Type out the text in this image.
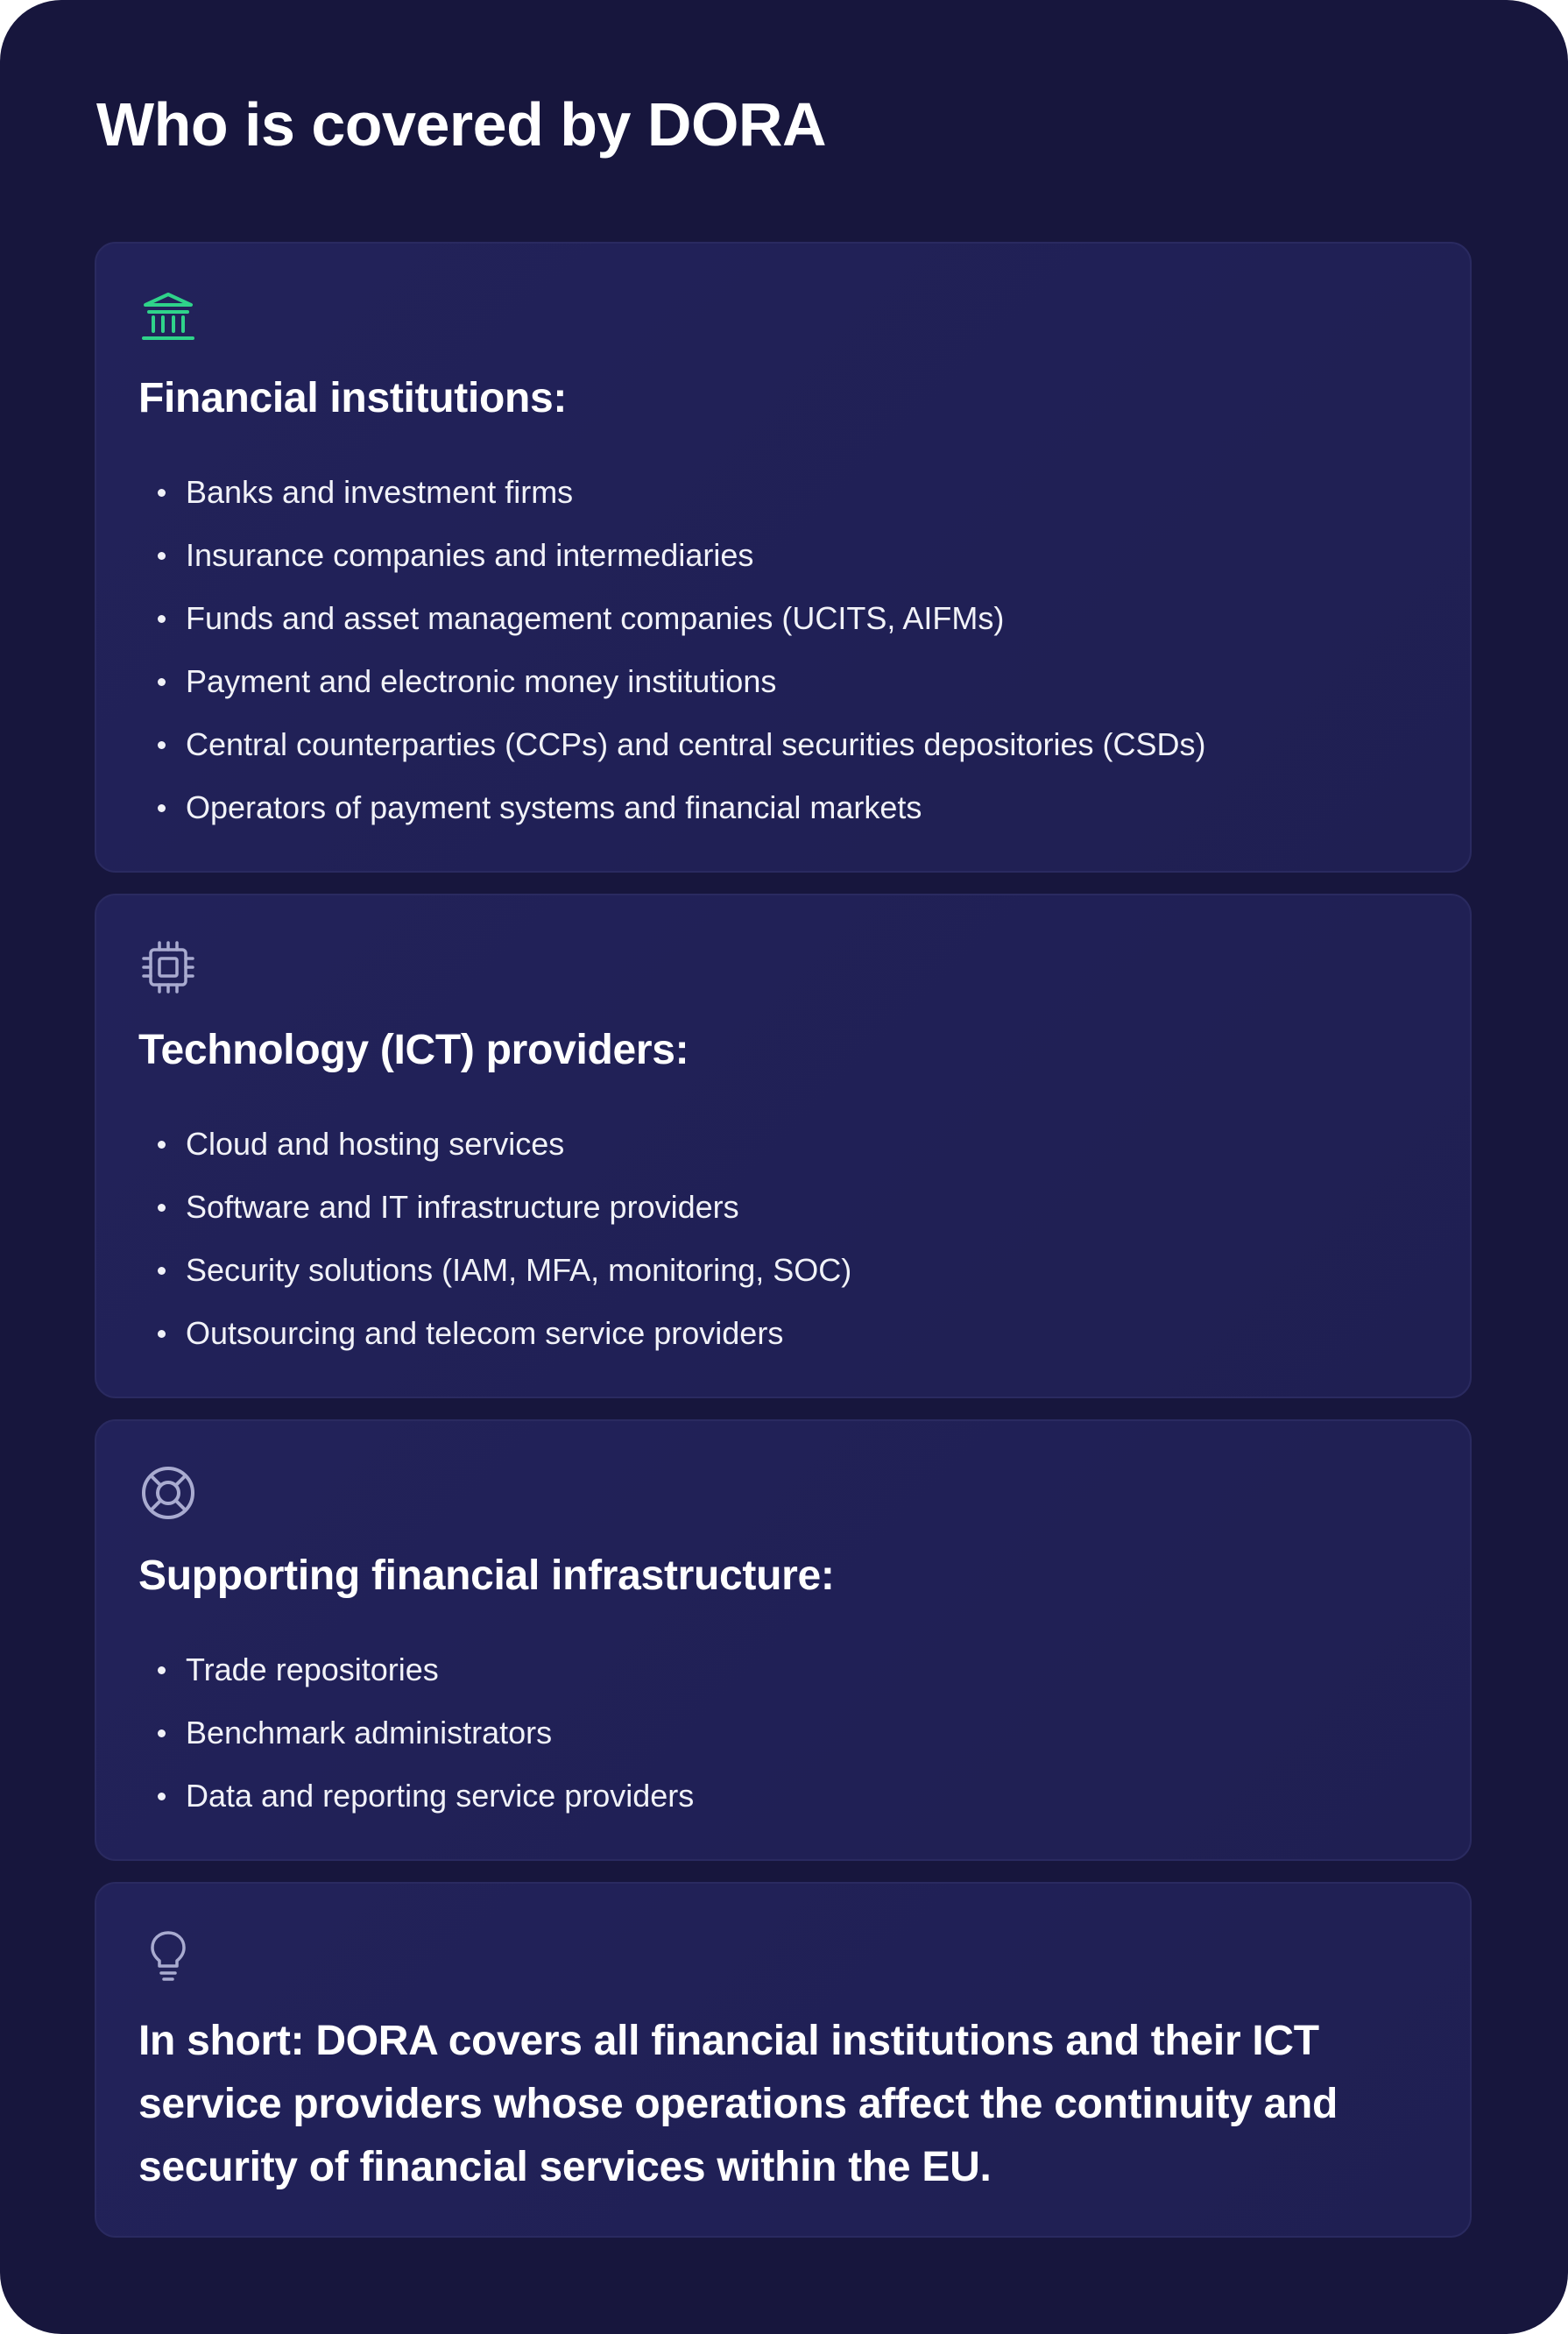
Who is covered by DORA
Financial institutions:
Banks and investment firms
Insurance companies and intermediaries
Funds and asset management companies (UCITS, AIFMs)
Payment and electronic money institutions
Central counterparties (CCPs) and central securities depositories (CSDs)
Operators of payment systems and financial markets
Technology (ICT) providers:
Cloud and hosting services
Software and IT infrastructure providers
Security solutions (IAM, MFA, monitoring, SOC)
Outsourcing and telecom service providers
Supporting financial infrastructure:
Trade repositories
Benchmark administrators
Data and reporting service providers

In short: DORA covers all financial institutions and their ICT service providers whose operations affect the continuity and security of financial services within the EU.
